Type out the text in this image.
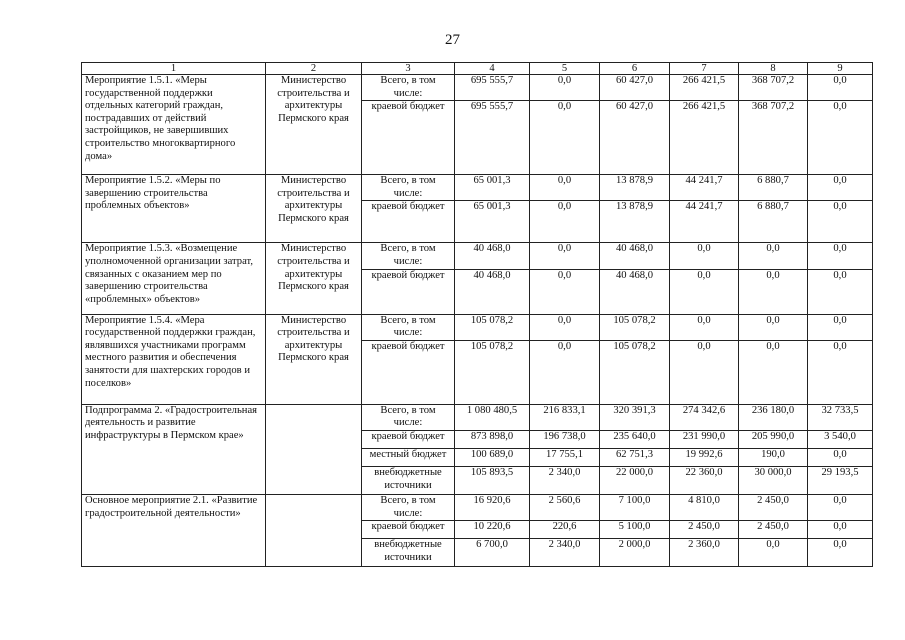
27
1	2	3	4	5	6	7	8	9
Мероприятие 1.5.1. «Меры государственной поддержки отдельных категорий граждан, пострадавших от действий застройщиков, не завершивших строительство многоквартирного дома»	Министерство строительства и архитектуры Пермского края	Всего, в том числе:	695 555,7	0,0	60 427,0	266 421,5	368 707,2	0,0
		краевой бюджет	695 555,7	0,0	60 427,0	266 421,5	368 707,2	0,0
Мероприятие 1.5.2. «Меры по завершению строительства проблемных объектов»	Министерство строительства и архитектуры Пермского края	Всего, в том числе:	65 001,3	0,0	13 878,9	44 241,7	6 880,7	0,0
		краевой бюджет	65 001,3	0,0	13 878,9	44 241,7	6 880,7	0,0
Мероприятие 1.5.3. «Возмещение уполномоченной организации затрат, связанных с оказанием мер по завершению строительства «проблемных» объектов»	Министерство строительства и архитектуры Пермского края	Всего, в том числе:	40 468,0	0,0	40 468,0	0,0	0,0	0,0
		краевой бюджет	40 468,0	0,0	40 468,0	0,0	0,0	0,0
Мероприятие 1.5.4. «Мера государственной поддержки граждан, являвшихся участниками программ местного развития и обеспечения занятости для шахтерских городов и поселков»	Министерство строительства и архитектуры Пермского края	Всего, в том числе:	105 078,2	0,0	105 078,2	0,0	0,0	0,0
		краевой бюджет	105 078,2	0,0	105 078,2	0,0	0,0	0,0
Подпрограмма 2. «Градостроительная деятельность и развитие инфраструктуры в Пермском крае»		Всего, в том числе:	1 080 480,5	216 833,1	320 391,3	274 342,6	236 180,0	32 733,5
		краевой бюджет	873 898,0	196 738,0	235 640,0	231 990,0	205 990,0	3 540,0
		местный бюджет	100 689,0	17 755,1	62 751,3	19 992,6	190,0	0,0
		внебюджетные источники	105 893,5	2 340,0	22 000,0	22 360,0	30 000,0	29 193,5
Основное мероприятие 2.1. «Развитие градостроительной деятельности»		Всего, в том числе:	16 920,6	2 560,6	7 100,0	4 810,0	2 450,0	0,0
		краевой бюджет	10 220,6	220,6	5 100,0	2 450,0	2 450,0	0,0
		внебюджетные источники	6 700,0	2 340,0	2 000,0	2 360,0	0,0	0,0
